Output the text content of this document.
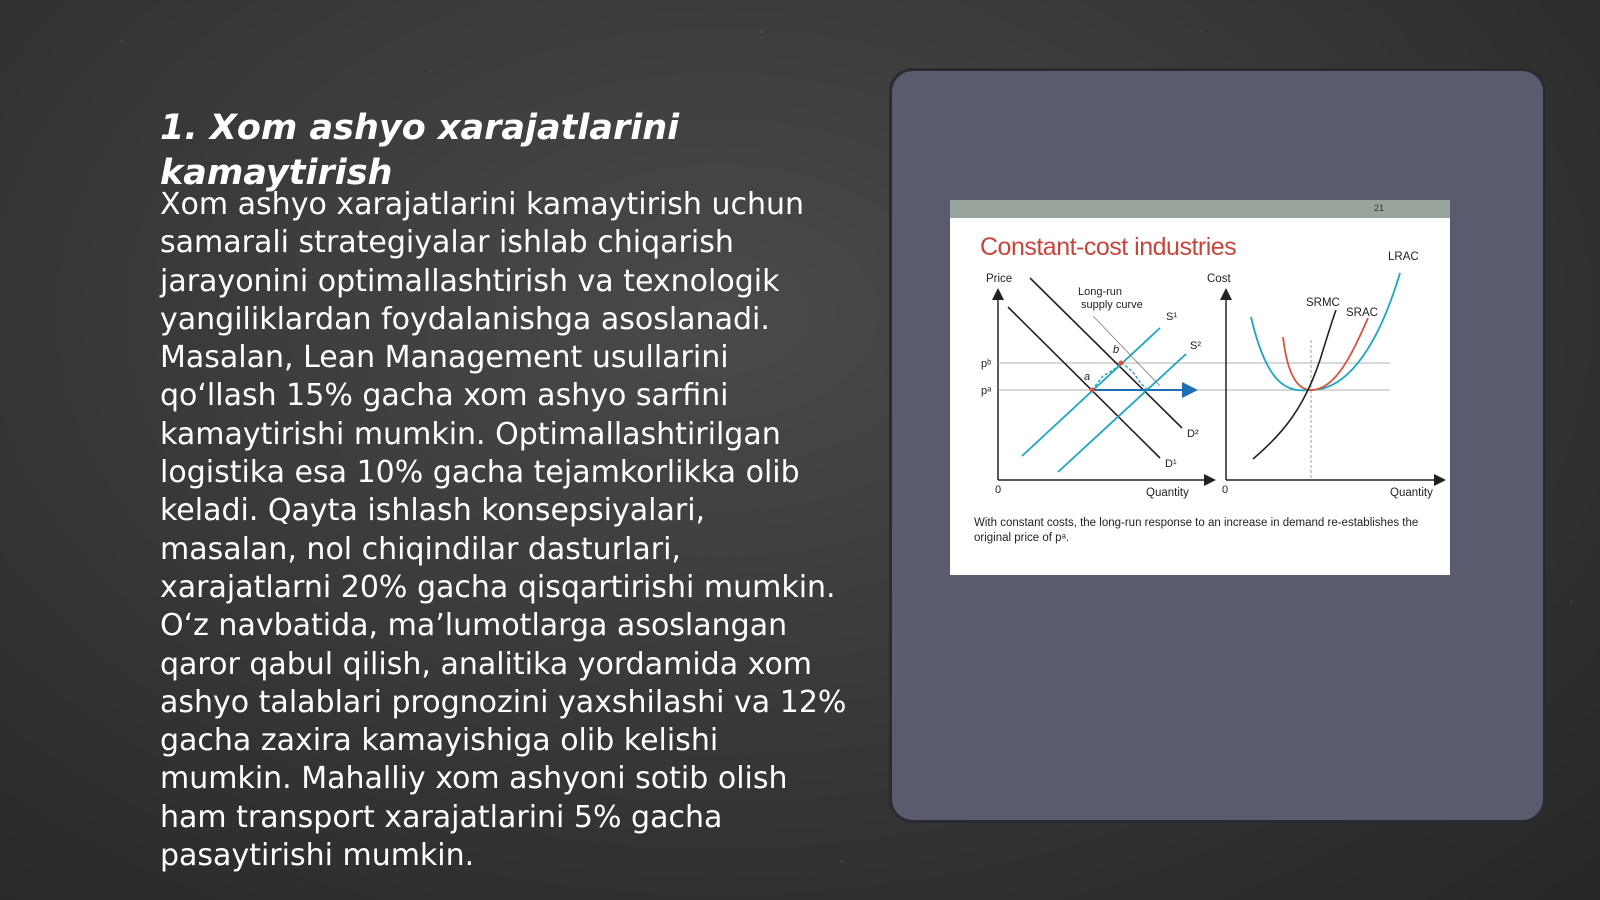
1. Xom ashyo xarajatlarini kamaytirish

Xom ashyo xarajatlarini kamaytirish uchun
samarali strategiyalar ishlab chiqarish
jarayonini optimallashtirish va texnologik
yangiliklardan foydalanishga asoslanadi.
Masalan, Lean Management usullarini
qo‘llash 15% gacha xom ashyo sarfini
kamaytirishi mumkin. Optimallashtirilgan
logistika esa 10% gacha tejamkorlikka olib
keladi. Qayta ishlash konsepsiyalari,
masalan, nol chiqindilar dasturlari,
xarajatlarni 20% gacha qisqartirishi mumkin.
O‘z navbatida, ma’lumotlarga asoslangan
qaror qabul qilish, analitika yordamida xom
ashyo talablari prognozini yaxshilashi va 12%
gacha zaxira kamayishiga olib kelishi
mumkin. Mahalliy xom ashyoni sotib olish
ham transport xarajatlarini 5% gacha
pasaytirishi mumkin.

21
Constant-cost industries
Price
Quantity
0
pᵇ
pᵃ
Long-run supply curve
S¹
S²
D¹
D²
a
b
Cost
Quantity
0
LRAC
SRMC
SRAC
With constant costs, the long-run response to an increase in demand re-establishes the original price of pᵃ.
